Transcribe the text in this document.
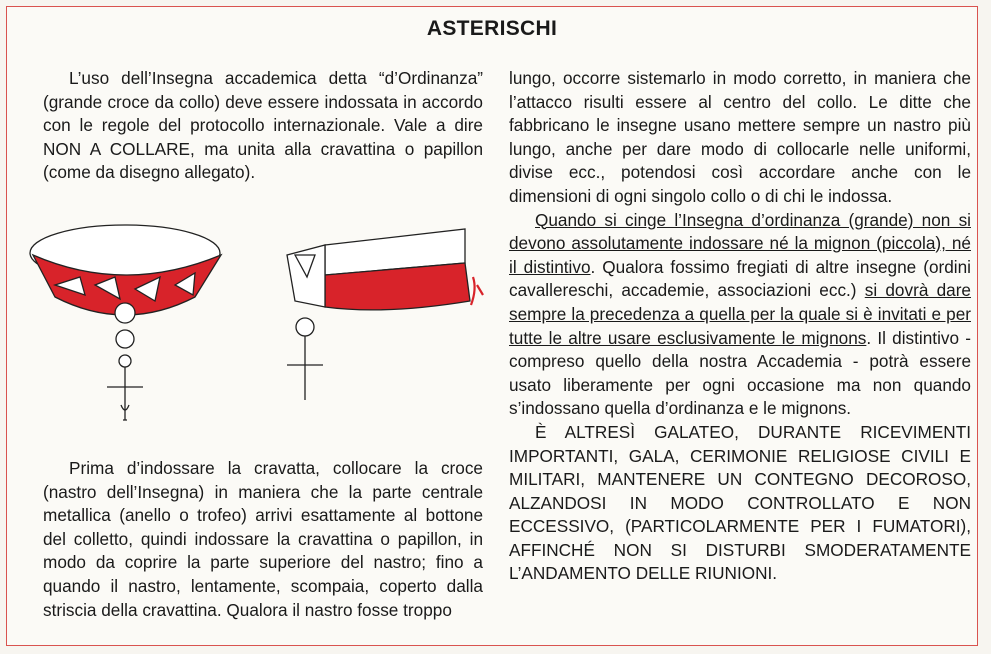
ASTERISCHI

L’uso dell’Insegna accademica detta “d’Ordinanza” (grande croce da collo) deve essere indossata in accordo con le regole del protocollo internazionale. Vale a dire NON A COLLARE, ma unita alla cravattina o papillon (come da disegno allegato).

Prima d’indossare la cravatta, collocare la croce (nastro dell’Insegna) in maniera che la parte centrale metallica (anello o trofeo) arrivi esattamente al bottone del colletto, quindi indossare la cravattina o papillon, in modo da coprire la parte superiore del nastro; fino a quando il nastro, lentamente, scompaia, coperto dalla striscia della cravattina. Qualora il nastro fosse troppo

lungo, occorre sistemarlo in modo corretto, in maniera che l’attacco risulti essere al centro del collo. Le ditte che fabbricano le insegne usano mettere sempre un nastro più lungo, anche per dare modo di collocarle nelle uniformi, divise ecc., potendosi così accordare anche con le dimensioni di ogni singolo collo o di chi le indossa.

Quando si cinge l’Insegna d’ordinanza (grande) non si devono assolutamente indossare né la mignon (piccola), né il distintivo. Qualora fossimo fregiati di altre insegne (ordini cavallereschi, accademie, associazioni ecc.) si dovrà dare sempre la precedenza a quella per la quale si è invitati e per tutte le altre usare esclusivamente le mignons. Il distintivo - compreso quello della nostra Accademia - potrà essere usato liberamente per ogni occasione ma non quando s’indossano quella d’ordinanza e le mignons.

È ALTRESÌ GALATEO, DURANTE RICEVIMENTI IMPORTANTI, GALA, CERIMONIE RELIGIOSE CIVILI E MILITARI, MANTENERE UN CONTEGNO DECOROSO, ALZANDOSI IN MODO CONTROLLATO E NON ECCESSIVO, (PARTICOLARMENTE PER I FUMATORI), AFFINCHÉ NON SI DISTURBI SMODERATAMENTE L’ANDAMENTO DELLE RIUNIONI.
